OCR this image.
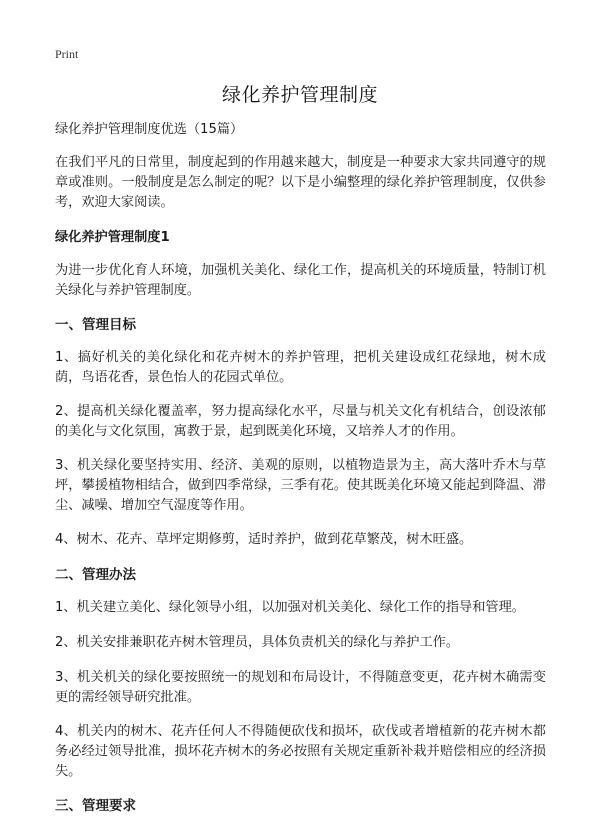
Print
绿化养护管理制度

绿化养护管理制度优选（15篇）

在我们平凡的日常里，制度起到的作用越来越大，制度是一种要求大家共同遵守的规章或准则。一般制度是怎么制定的呢？以下是小编整理的绿化养护管理制度，仅供参考，欢迎大家阅读。

绿化养护管理制度1

为进一步优化育人环境，加强机关美化、绿化工作，提高机关的环境质量，特制订机关绿化与养护管理制度。

一、管理目标

1、搞好机关的美化绿化和花卉树木的养护管理，把机关建设成红花绿地，树木成荫，鸟语花香，景色怡人的花园式单位。

2、提高机关绿化覆盖率，努力提高绿化水平，尽量与机关文化有机结合，创设浓郁的美化与文化氛围，寓教于景，起到既美化环境，又培养人才的作用。

3、机关绿化要坚持实用、经济、美观的原则，以植物造景为主，高大落叶乔木与草坪，攀援植物相结合，做到四季常绿，三季有花。使其既美化环境又能起到降温、滞尘、减噪、增加空气湿度等作用。

4、树木、花卉、草坪定期修剪，适时养护，做到花草繁茂，树木旺盛。

二、管理办法

1、机关建立美化、绿化领导小组，以加强对机关美化、绿化工作的指导和管理。

2、机关安排兼职花卉树木管理员，具体负责机关的绿化与养护工作。

3、机关机关的绿化要按照统一的规划和布局设计，不得随意变更，花卉树木确需变更的需经领导研究批准。

4、机关内的树木、花卉任何人不得随便砍伐和损坏，砍伐或者增植新的花卉树木都务必经过领导批准，损坏花卉树木的务必按照有关规定重新补栽并赔偿相应的经济损失。

三、管理要求
